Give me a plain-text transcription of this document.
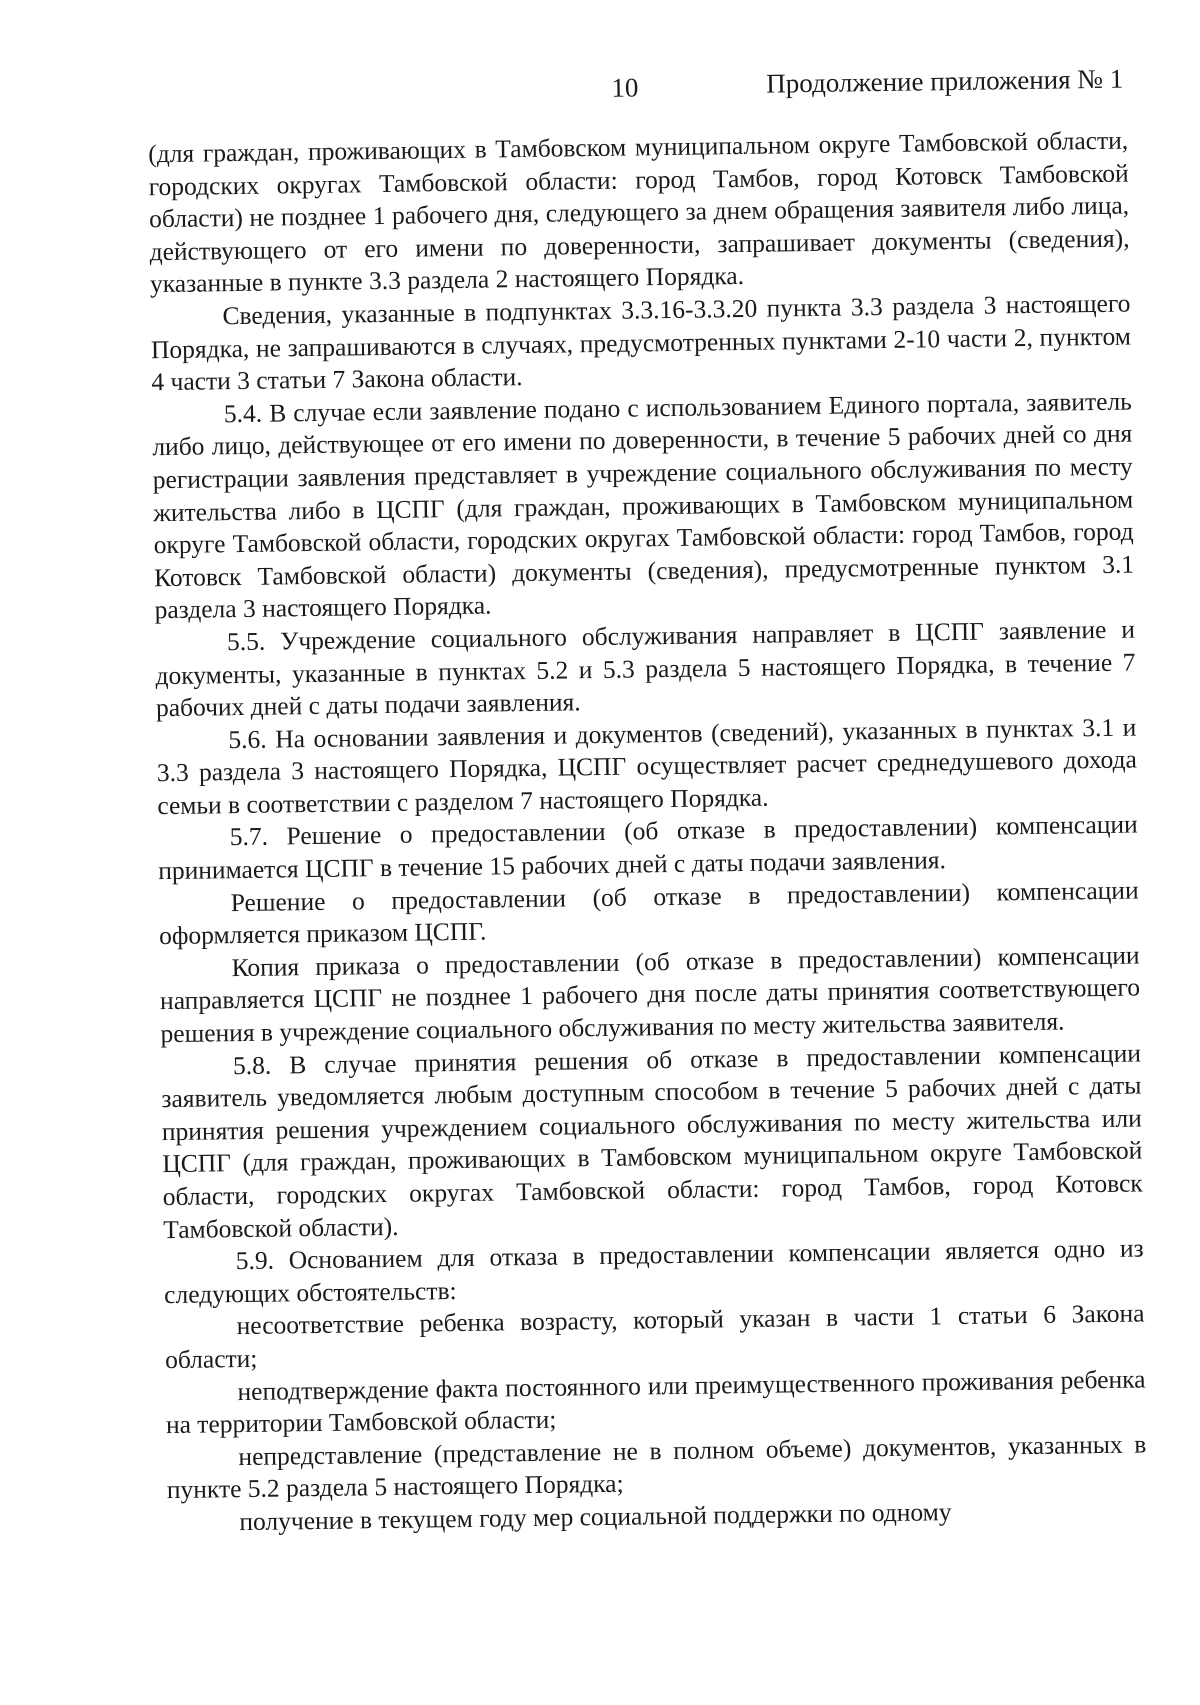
10	Продолжение приложения № 1

(для граждан, проживающих в Тамбовском муниципальном округе Тамбовской области, городских округах Тамбовской области: город Тамбов, город Котовск Тамбовской области) не позднее 1 рабочего дня, следующего за днем обращения заявителя либо лица, действующего от его имени по доверенности, запрашивает документы (сведения), указанные в пункте 3.3 раздела 2 настоящего Порядка.

Сведения, указанные в подпунктах 3.3.16-3.3.20 пункта 3.3 раздела 3 настоящего Порядка, не запрашиваются в случаях, предусмотренных пунктами 2-10 части 2, пунктом 4 части 3 статьи 7 Закона области.

5.4. В случае если заявление подано с использованием Единого портала, заявитель либо лицо, действующее от его имени по доверенности, в течение 5 рабочих дней со дня регистрации заявления представляет в учреждение социального обслуживания по месту жительства либо в ЦСПГ (для граждан, проживающих в Тамбовском муниципальном округе Тамбовской области, городских округах Тамбовской области: город Тамбов, город Котовск Тамбовской области) документы (сведения), предусмотренные пунктом 3.1 раздела 3 настоящего Порядка.

5.5. Учреждение социального обслуживания направляет в ЦСПГ заявление и документы, указанные в пунктах 5.2 и 5.3 раздела 5 настоящего Порядка, в течение 7 рабочих дней с даты подачи заявления.

5.6. На основании заявления и документов (сведений), указанных в пунктах 3.1 и 3.3 раздела 3 настоящего Порядка, ЦСПГ осуществляет расчет среднедушевого дохода семьи в соответствии с разделом 7 настоящего Порядка.

5.7. Решение о предоставлении (об отказе в предоставлении) компенсации принимается ЦСПГ в течение 15 рабочих дней с даты подачи заявления.

Решение о предоставлении (об отказе в предоставлении) компенсации оформляется приказом ЦСПГ.

Копия приказа о предоставлении (об отказе в предоставлении) компенсации направляется ЦСПГ не позднее 1 рабочего дня после даты принятия соответствующего решения в учреждение социального обслуживания по месту жительства заявителя.

5.8. В случае принятия решения об отказе в предоставлении компенсации заявитель уведомляется любым доступным способом в течение 5 рабочих дней с даты принятия решения учреждением социального обслуживания по месту жительства или ЦСПГ (для граждан, проживающих в Тамбовском муниципальном округе Тамбовской области, городских округах Тамбовской области: город Тамбов, город Котовск Тамбовской области).

5.9. Основанием для отказа в предоставлении компенсации является одно из следующих обстоятельств:

несоответствие ребенка возрасту, который указан в части 1 статьи 6 Закона области;

неподтверждение факта постоянного или преимущественного проживания ребенка на территории Тамбовской области;

непредставление (представление не в полном объеме) документов, указанных в пункте 5.2 раздела 5 настоящего Порядка;

получение в текущем году мер социальной поддержки по одному
